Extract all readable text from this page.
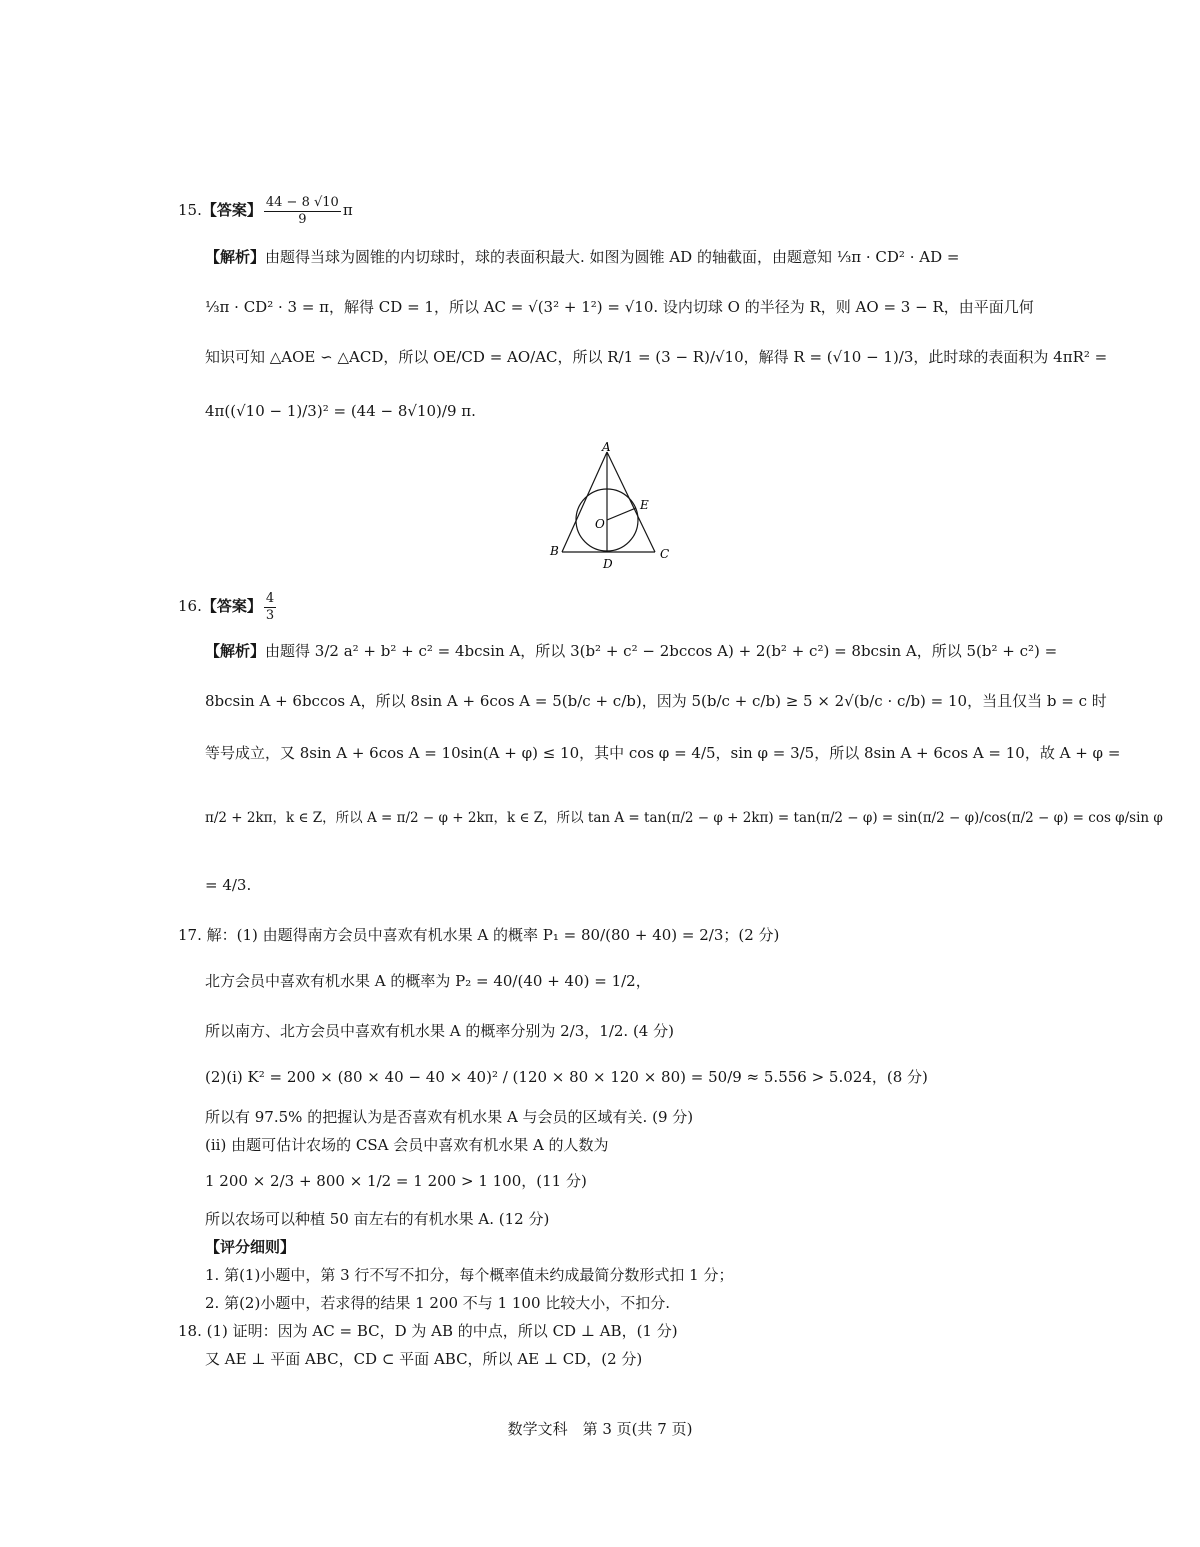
15.【答案】 $\frac{44 - 8 √10}{9}$ π
【解析】由题得当球为圆锥的内切球时，球的表面积最大. 如图为圆锥 AD 的轴截面，由题意知 ⅓π · CD² · AD =
⅓π · CD² · 3 = π，解得 CD = 1，所以 AC = √(3² + 1²) = √10. 设内切球 O 的半径为 R，则 AO = 3 − R，由平面几何
知识可知 △AOE ∽ △ACD，所以 OE/CD = AO/AC，所以 R/1 = (3 − R)/√10，解得 R = (√10 − 1)/3，此时球的表面积为 4πR² =
4π((√10 − 1)/3)² = (44 − 8√10)/9 π.
A
B	C
D
E
O
16.【答案】 $\frac{4}{3}$
【解析】由题得 3/2 a² + b² + c² = 4bcsin A，所以 3(b² + c² − 2bccos A) + 2(b² + c²) = 8bcsin A，所以 5(b² + c²) =
8bcsin A + 6bccos A，所以 8sin A + 6cos A = 5(b/c + c/b)，因为 5(b/c + c/b) ≥ 5 × 2√(b/c · c/b) = 10，当且仅当 b = c 时
等号成立，又 8sin A + 6cos A = 10sin(A + φ) ≤ 10，其中 cos φ = 4/5，sin φ = 3/5，所以 8sin A + 6cos A = 10，故 A + φ =
π/2 + 2kπ，k ∈ Z，所以 A = π/2 − φ + 2kπ，k ∈ Z，所以 tan A = tan(π/2 − φ + 2kπ) = tan(π/2 − φ) = sin(π/2 − φ)/cos(π/2 − φ) = cos φ/sin φ
= 4/3.
17. 解：(1) 由题得南方会员中喜欢有机水果 A 的概率 P₁ = 80/(80 + 40) = 2/3；(2 分)
北方会员中喜欢有机水果 A 的概率为 P₂ = 40/(40 + 40) = 1/2，
所以南方、北方会员中喜欢有机水果 A 的概率分别为 2/3，1/2. (4 分)
(2)(i) K² = 200 × (80 × 40 − 40 × 40)² / (120 × 80 × 120 × 80) = 50/9 ≈ 5.556 > 5.024，(8 分)
所以有 97.5% 的把握认为是否喜欢有机水果 A 与会员的区域有关. (9 分)
(ii) 由题可估计农场的 CSA 会员中喜欢有机水果 A 的人数为
1 200 × 2/3 + 800 × 1/2 = 1 200 > 1 100，(11 分)
所以农场可以种植 50 亩左右的有机水果 A. (12 分)
【评分细则】
1. 第(1)小题中，第 3 行不写不扣分，每个概率值未约成最简分数形式扣 1 分；
2. 第(2)小题中，若求得的结果 1 200 不与 1 100 比较大小，不扣分.
18. (1) 证明：因为 AC = BC，D 为 AB 的中点，所以 CD ⊥ AB，(1 分)
又 AE ⊥ 平面 ABC，CD ⊂ 平面 ABC，所以 AE ⊥ CD，(2 分)
数学文科　第 3 页(共 7 页)
